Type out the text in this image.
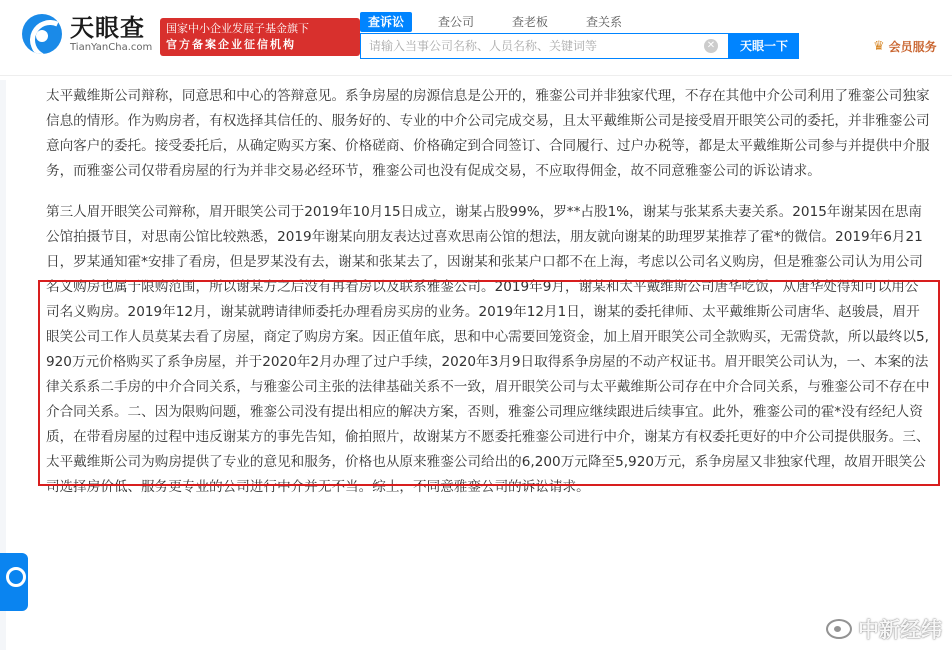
天眼查
TianYanCha.com
国家中小企业发展子基金旗下
官方备案企业征信机构
查诉讼	查公司	查老板	查关系
请输入当事公司名称、人员名称、关键词等
✕	天眼一下	♛ 会员服务

太平戴维斯公司辩称，同意思和中心的答辩意见。系争房屋的房源信息是公开的，雅銮公司并非独家代理，不存在其他中介公司利用了雅銮公司独家信息的情形。作为购房者，有权选择其信任的、服务好的、专业的中介公司完成交易，且太平戴维斯公司是接受眉开眼笑公司的委托，并非雅銮公司意向客户的委托。接受委托后，从确定购买方案、价格磋商、价格确定到合同签订、合同履行、过户办税等，都是太平戴维斯公司参与并提供中介服务，而雅銮公司仅带看房屋的行为并非交易必经环节，雅銮公司也没有促成交易，不应取得佣金，故不同意雅銮公司的诉讼请求。

第三人眉开眼笑公司辩称，眉开眼笑公司于2019年10月15日成立，谢某占股99%，罗**占股1%，谢某与张某系夫妻关系。2015年谢某因在思南公馆拍摄节目，对思南公馆比较熟悉，2019年谢某向朋友表达过喜欢思南公馆的想法，朋友就向谢某的助理罗某推荐了霍*的微信。2019年6月21日，罗某通知霍*安排了看房，但是罗某没有去，谢某和张某去了，因谢某和张某户口都不在上海，考虑以公司名义购房，但是雅銮公司认为用公司名义购房也属于限购范围，所以谢某方之后没有再看房以及联系雅銮公司。2019年9月，谢某和太平戴维斯公司唐华吃饭，从唐华处得知可以用公司名义购房。2019年12月，谢某就聘请律师委托办理看房买房的业务。2019年12月1日，谢某的委托律师、太平戴维斯公司唐华、赵骏晨，眉开眼笑公司工作人员莫某去看了房屋，商定了购房方案。因正值年底，思和中心需要回笼资金，加上眉开眼笑公司全款购买，无需贷款，所以最终以5,920万元价格购买了系争房屋，并于2020年2月办理了过户手续，2020年3月9日取得系争房屋的不动产权证书。眉开眼笑公司认为，一、本案的法律关系系二手房的中介合同关系，与雅銮公司主张的法律基础关系不一致，眉开眼笑公司与太平戴维斯公司存在中介合同关系，与雅銮公司不存在中介合同关系。二、因为限购问题，雅銮公司没有提出相应的解决方案，否则，雅銮公司理应继续跟进后续事宜。此外，雅銮公司的霍*没有经纪人资质，在带看房屋的过程中违反谢某方的事先告知，偷拍照片，故谢某方不愿委托雅銮公司进行中介，谢某方有权委托更好的中介公司提供服务。三、太平戴维斯公司为购房提供了专业的意见和服务，价格也从原来雅銮公司给出的6,200万元降至5,920万元，系争房屋又非独家代理，故眉开眼笑公司选择房价低、服务更专业的公司进行中介并无不当。综上，不同意雅銮公司的诉讼请求。

中新经纬
